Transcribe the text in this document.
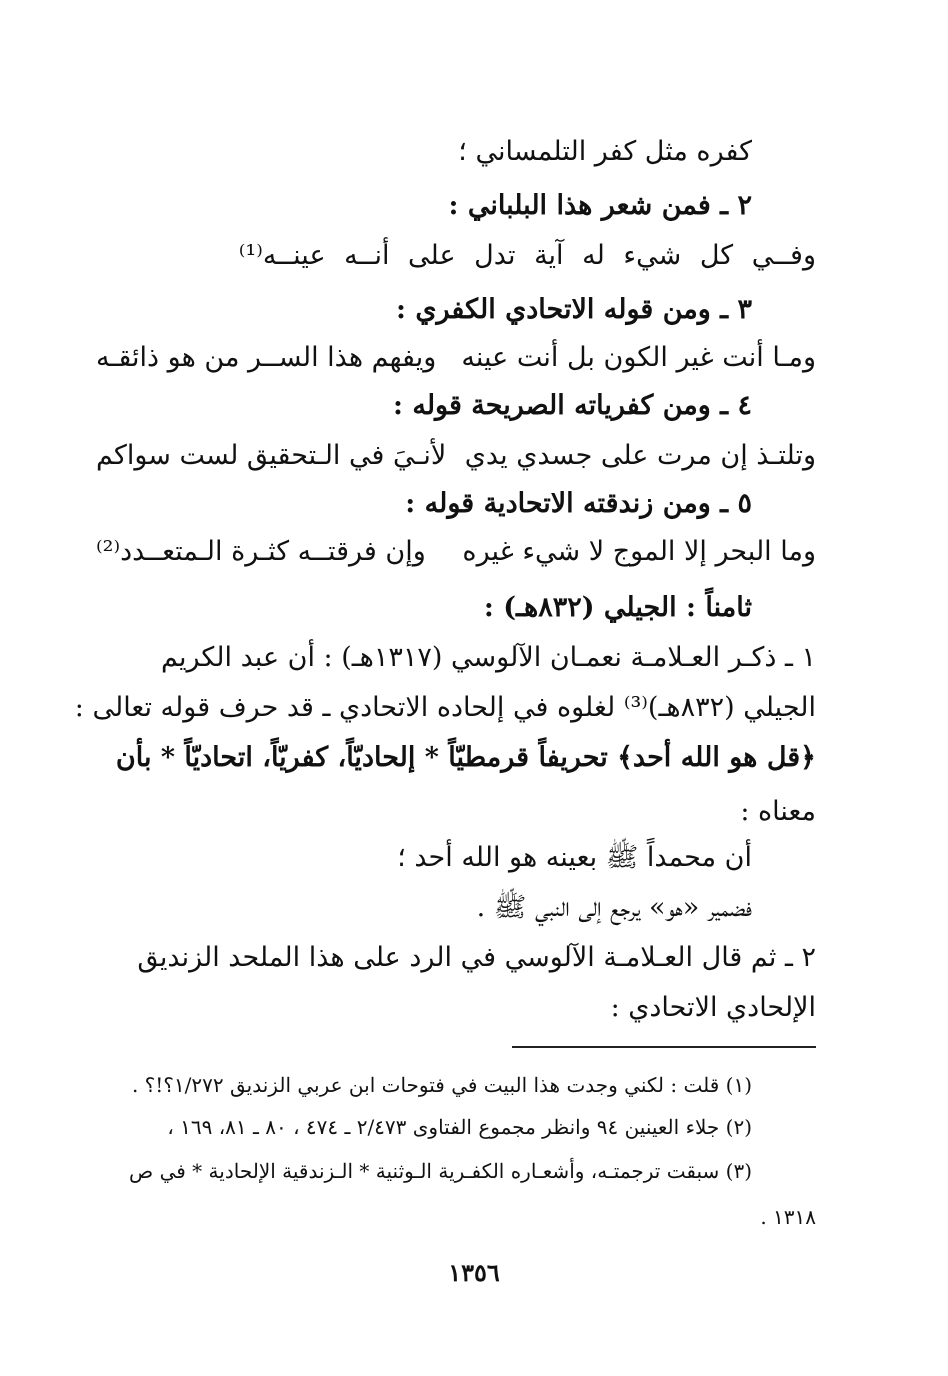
كفره مثل كفر التلمساني ؛
٢ ـ فمن شعر هذا البلباني :
وفــي كل شيء له آية تدل على أنــه عينــه⁽¹⁾
٣ ـ ومن قوله الاتحادي الكفري :
ومـا أنت غير الكون بل أنت عينه
ويفهم هذا الســر من هو ذائقـه
٤ ـ ومن كفرياته الصريحة قوله :
وتلتـذ إن مرت على جسدي يدي
لأنـيَ في الـتحقيق لست سواكم
٥ ـ ومن زندقته الاتحادية قوله :
وما البحر إلا الموج لا شيء غيره
وإن فرقتــه كثـرة الـمتعــدد⁽²⁾
ثامناً : الجيلي (٨٣٢هـ) :
١ ـ ذكـر العـلامـة نعمـان الآلوسي (١٣١٧هـ) : أن عبد الكريم
الجيلي (٨٣٢هـ)⁽³⁾ لغلوه في إلحاده الاتحادي ـ قد حرف قوله تعالى :
﴿قل هو الله أحد﴾ تحريفاً قرمطيّاً * إلحاديّاً، كفريّاً، اتحاديّاً * بأن
معناه :
أن محمداً ﷺ بعينه هو الله أحد ؛
فضمير «هو» يرجع إلى النبي ﷺ .
٢ ـ ثم قال العـلامـة الآلوسي في الرد على هذا الملحد الزنديق
الإلحادي الاتحادي :
(١) قلت : لكني وجدت هذا البيت في فتوحات ابن عربي الزنديق ١/٢٧٢؟!؟ .
(٢) جلاء العينين ٩٤ وانظر مجموع الفتاوى ٢/٤٧٣ ـ ٤٧٤ ، ٨٠ ـ ٨١، ١٦٩ ،
(٣) سبقت ترجمتـه، وأشعـاره الكفـرية الـوثنية * الـزندقية الإلحادية * في ص
١٣١٨ .
١٣٥٦
